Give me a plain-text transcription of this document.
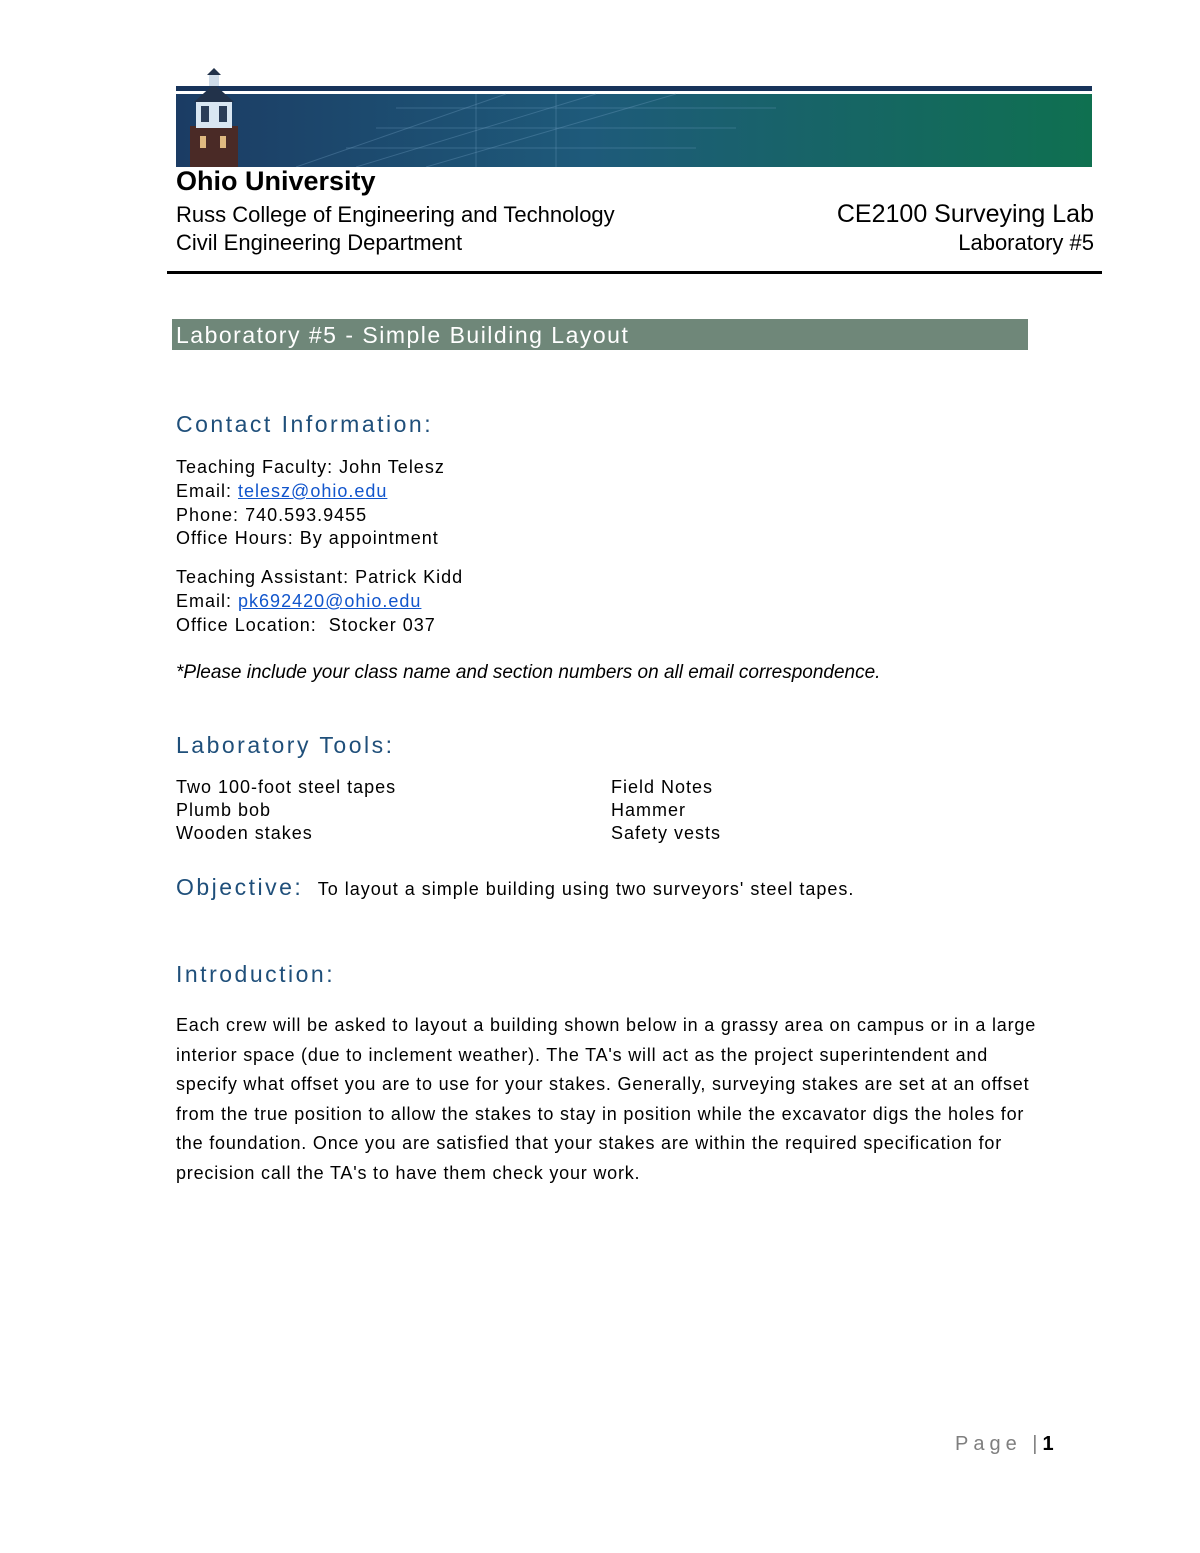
Ohio University
Russ College of Engineering and Technology	CE2100 Surveying Lab
Civil Engineering Department	Laboratory #5
Laboratory #5 - Simple Building Layout
Contact Information:
Teaching Faculty: John Telesz
Email: telesz@ohio.edu
Phone: 740.593.9455
Office Hours: By appointment
Teaching Assistant: Patrick Kidd
Email: pk692420@ohio.edu
Office Location: Stocker 037
*Please include your class name and section numbers on all email correspondence.
Laboratory Tools:
Two 100-foot steel tapes	Field Notes
Plumb bob	Hammer
Wooden stakes	Safety vests
Objective: To layout a simple building using two surveyors' steel tapes.
Introduction:
Each crew will be asked to layout a building shown below in a grassy area on campus or in a large interior space (due to inclement weather). The TA's will act as the project superintendent and specify what offset you are to use for your stakes. Generally, surveying stakes are set at an offset from the true position to allow the stakes to stay in position while the excavator digs the holes for the foundation. Once you are satisfied that your stakes are within the required specification for precision call the TA's to have them check your work.
Page |1
